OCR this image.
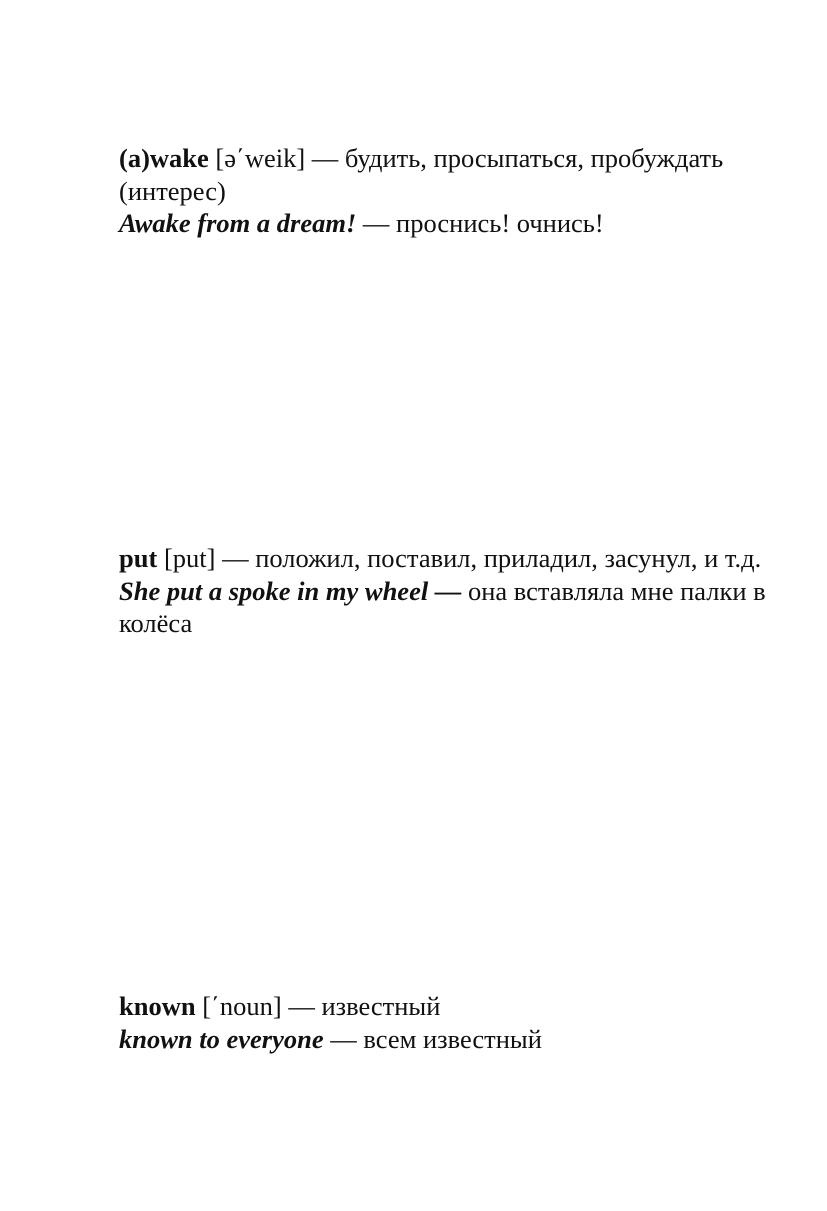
(a)wake [ə΄weik] — будить, просыпаться, пробуждать (интерес)

Awake from a dream! — проснись! очнись!

put [put] — положил, поставил, приладил, засунул, и т.д.

She put a spoke in my wheel — она вставляла мне палки в колёса

known [΄noun] — известный

known to everyone — всем известный
